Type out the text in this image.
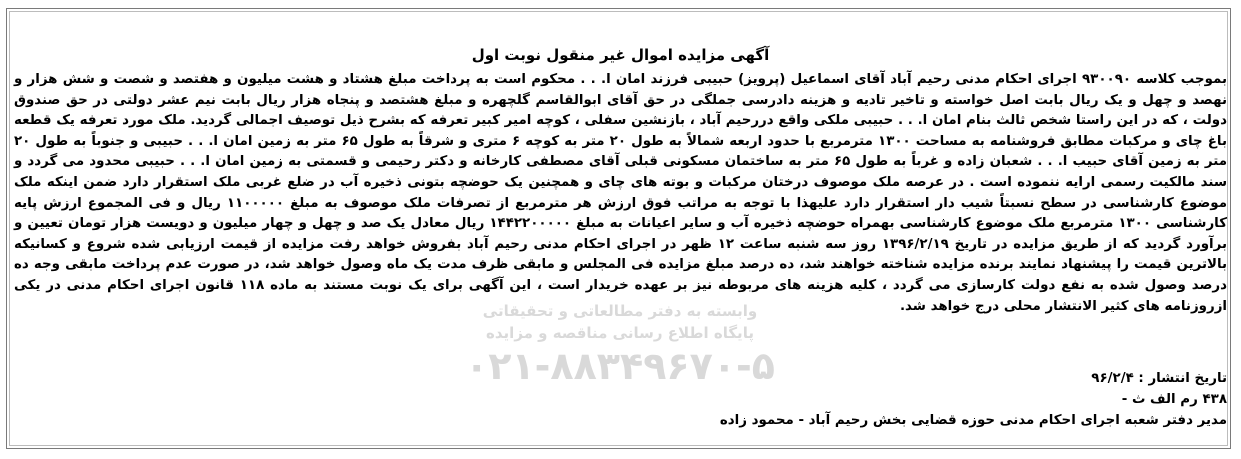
وابسته به دفتر مطالعاتی و تحقیقاتی
پایگاه اطلاع رسانی مناقصه و مزایده
۰۲۱-۸۸۳۴۹۶۷۰-۵
آگهی مزایده اموال غیر منقول نوبت اول
بموجب کلاسه ۹۳۰۰۹۰ اجرای احکام مدنی رحیم آباد آقای اسماعیل (پرویز) حبیبی فرزند امان ا. . . محکوم است به پرداخت مبلغ هشتاد و هشت میلیون و هفتصد و شصت و شش هزار و نهصد و چهل و یک ریال بابت اصل خواسته و تاخیر تادیه و هزینه دادرسی جملگی در حق آقای ابوالقاسم گلچهره و مبلغ هشتصد و پنجاه هزار ریال بابت نیم عشر دولتی در حق صندوق دولت ، که در این راستا شخص ثالث بنام امان ا. . . حبیبی ملکی واقع دررحیم آباد ، بازنشین سفلی ، کوچه امیر کبیر تعرفه که بشرح ذیل توصیف اجمالی گردید. ملک مورد تعرفه یک قطعه باغ چای و مرکبات مطابق فروشنامه به مساحت ۱۳۰۰ مترمربع با حدود اربعه شمالاً به طول ۲۰ متر به کوچه ۶ متری و شرقاً به طول ۶۵ متر به زمین امان ا. . . حبیبی و جنوباً به طول ۲۰ متر به زمین آقای حبیب ا. . . شعبان زاده و غرباً به طول ۶۵ متر به ساختمان مسکونی قبلی آقای مصطفی کارخانه و دکتر رحیمی و قسمتی به زمین امان ا. . . حبیبی محدود می گردد و سند مالکیت رسمی ارایه ننموده است . در عرصه ملک موصوف درختان مرکبات و بوته های چای و همچنین یک حوضچه بتونی ذخیره آب در ضلع غربی ملک استقرار دارد ضمن اینکه ملک موضوع کارشناسی در سطح نسبتاً شیب دار استقرار دارد علیهذا با توجه به مراتب فوق ارزش هر مترمربع از تصرفات ملک موصوف به مبلغ ۱۱۰۰۰۰۰ ریال و فی المجموع ارزش پایه کارشناسی ۱۳۰۰ مترمربع ملک موضوع کارشناسی بهمراه حوضچه ذخیره آب و سایر اعیانات به مبلغ ۱۴۴۲۲۰۰۰۰۰ ریال معادل یک صد و چهل و چهار میلیون و دویست هزار تومان تعیین و برآورد گردید که از طریق مزایده در تاریخ ۱۳۹۶/۲/۱۹ روز سه شنبه ساعت ۱۲ ظهر در اجرای احکام مدنی رحیم آباد بفروش خواهد رفت مزایده از قیمت ارزیابی شده شروع و کسانیکه بالاترین قیمت را پیشنهاد نمایند برنده مزایده شناخته خواهند شد، ده درصد مبلغ مزایده فی المجلس و مابقی ظرف مدت یک ماه وصول خواهد شد، در صورت عدم پرداخت مابقی وجه ده درصد وصول شده به نفع دولت کارسازی می گردد ، کلیه هزینه های مربوطه نیز بر عهده خریدار است ، این آگهی برای یک نوبت مستند به ماده ۱۱۸ قانون اجرای احکام مدنی در یکی ازروزنامه های کثیر الانتشار محلی درج خواهد شد.
تاریخ انتشار : ۹۶/۲/۴
۴۳۸ رم الف ث -
مدیر دفتر شعبه اجرای احکام مدنی حوزه قضایی بخش رحیم آباد - محمود زاده
